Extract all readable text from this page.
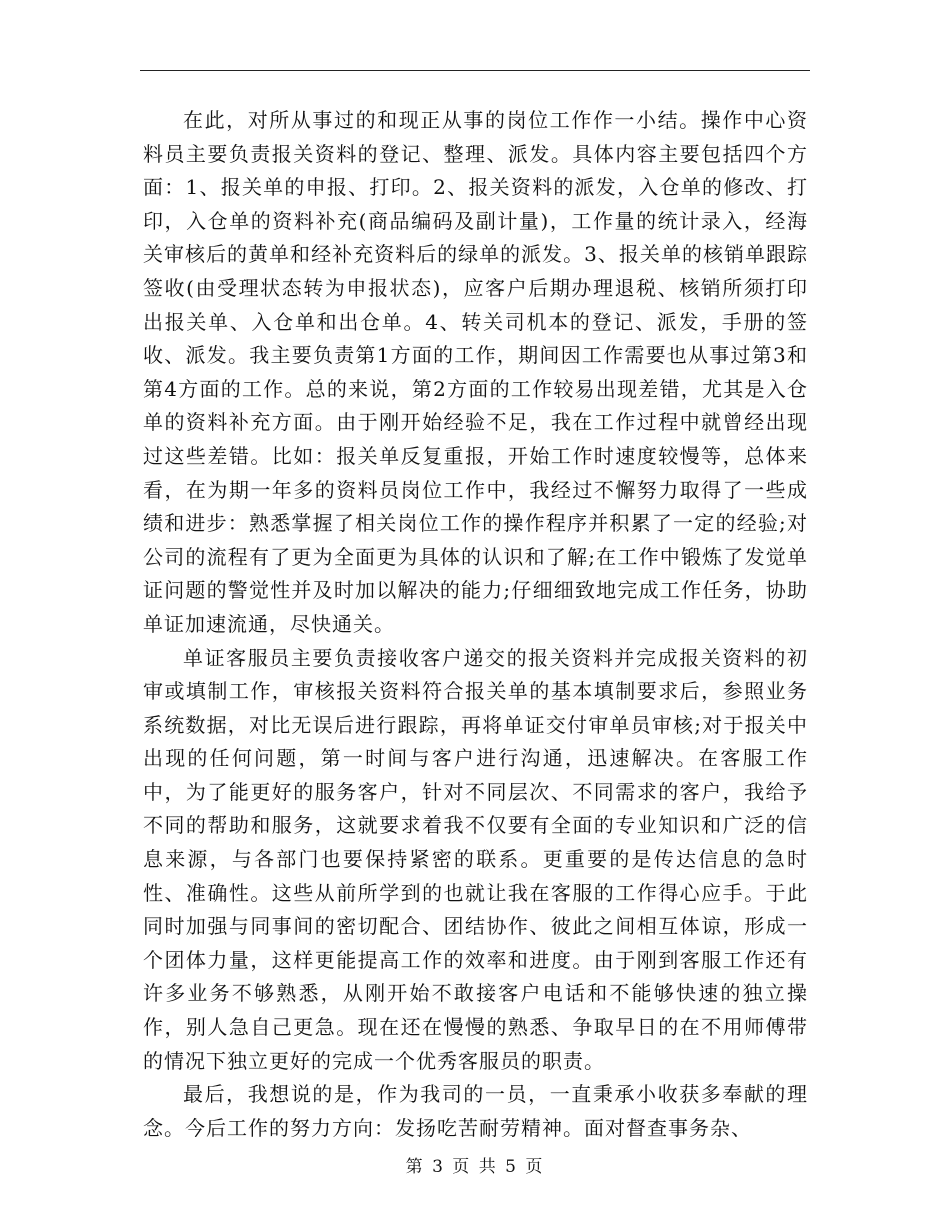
在此，对所从事过的和现正从事的岗位工作作一小结。操作中心资料员主要负责报关资料的登记、整理、派发。具体内容主要包括四个方面：1、报关单的申报、打印。2、报关资料的派发，入仓单的修改、打印，入仓单的资料补充(商品编码及副计量)，工作量的统计录入，经海关审核后的黄单和经补充资料后的绿单的派发。3、报关单的核销单跟踪签收(由受理状态转为申报状态)，应客户后期办理退税、核销所须打印出报关单、入仓单和出仓单。4、转关司机本的登记、派发，手册的签收、派发。我主要负责第1方面的工作，期间因工作需要也从事过第3和第4方面的工作。总的来说，第2方面的工作较易出现差错，尤其是入仓单的资料补充方面。由于刚开始经验不足，我在工作过程中就曾经出现过这些差错。比如：报关单反复重报，开始工作时速度较慢等，总体来看，在为期一年多的资料员岗位工作中，我经过不懈努力取得了一些成绩和进步：熟悉掌握了相关岗位工作的操作程序并积累了一定的经验;对公司的流程有了更为全面更为具体的认识和了解;在工作中锻炼了发觉单证问题的警觉性并及时加以解决的能力;仔细细致地完成工作任务，协助单证加速流通，尽快通关。

单证客服员主要负责接收客户递交的报关资料并完成报关资料的初审或填制工作，审核报关资料符合报关单的基本填制要求后，参照业务系统数据，对比无误后进行跟踪，再将单证交付审单员审核;对于报关中出现的任何问题，第一时间与客户进行沟通，迅速解决。在客服工作中，为了能更好的服务客户，针对不同层次、不同需求的客户，我给予不同的帮助和服务，这就要求着我不仅要有全面的专业知识和广泛的信息来源，与各部门也要保持紧密的联系。更重要的是传达信息的急时性、准确性。这些从前所学到的也就让我在客服的工作得心应手。于此同时加强与同事间的密切配合、团结协作、彼此之间相互体谅，形成一个团体力量，这样更能提高工作的效率和进度。由于刚到客服工作还有许多业务不够熟悉，从刚开始不敢接客户电话和不能够快速的独立操作，别人急自己更急。现在还在慢慢的熟悉、争取早日的在不用师傅带的情况下独立更好的完成一个优秀客服员的职责。

最后，我想说的是，作为我司的一员，一直秉承小收获多奉献的理念。今后工作的努力方向：发扬吃苦耐劳精神。面对督查事务杂、

第 3 页 共 5 页
